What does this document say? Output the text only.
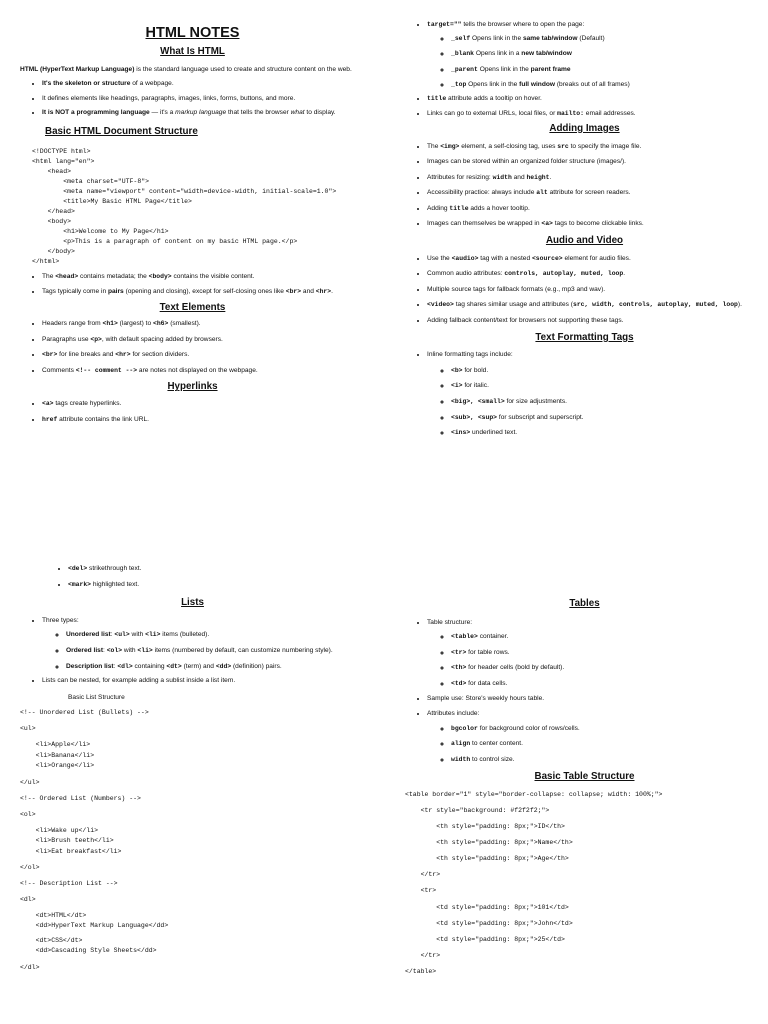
HTML NOTES
What Is HTML

HTML (HyperText Markup Language) is the standard language used to create and structure content on the web.

• It's the skeleton or structure of a webpage.
• It defines elements like headings, paragraphs, images, links, forms, buttons, and more.
• It is NOT a programming language — it's a markup language that tells the browser what to display.
Basic HTML Document Structure
<!DOCTYPE html>
<html lang="en">
<head>
<meta charset="UTF-8">
<meta name="viewport" content="width=device-width, initial-scale=1.0">
<title>My Basic HTML Page</title>
</head>
<body>
<h1>Welcome to My Page</h1>
<p>This is a paragraph of content on my basic HTML page.</p>
</body>
</html>
• The <head> contains metadata; the <body> contains the visible content.
• Tags typically come in pairs (opening and closing), except for self-closing ones like <br> and <hr>.
Text Elements
• Headers range from <h1> (largest) to <h6> (smallest).
• Paragraphs use <p>, with default spacing added by browsers.
• <br> for line breaks and <hr> for section dividers.
• Comments <!-- comment --> are notes not displayed on the webpage.
Hyperlinks
• <a> tags create hyperlinks.
• href attribute contains the link URL.
• target="" tells the browser where to open the page:
◦ _self Opens link in the same tab/window (Default)
◦ _blank Opens link in a new tab/window
◦ _parent Opens link in the parent frame
◦ _top Opens link in the full window (breaks out of all frames)
• title attribute adds a tooltip on hover.
• Links can go to external URLs, local files, or mailto: email addresses.
Adding Images
• The <img> element, a self-closing tag, uses src to specify the image file.
• Images can be stored within an organized folder structure (images/).
• Attributes for resizing: width and height.
• Accessibility practice: always include alt attribute for screen readers.
• Adding title adds a hover tooltip.
• Images can themselves be wrapped in <a> tags to become clickable links.
Audio and Video
• Use the <audio> tag with a nested <source> element for audio files.
• Common audio attributes: controls, autoplay, muted, loop.
• Multiple source tags for fallback formats (e.g., mp3 and wav).
• <video> tag shares similar usage and attributes (src, width, controls, autoplay, muted, loop).
• Adding fallback content/text for browsers not supporting these tags.
Text Formatting Tags
• Inline formatting tags include:
◦ <b> for bold.
◦ <i> for italic.
◦ <big>, <small> for size adjustments.
◦ <sub>, <sup> for subscript and superscript.
◦ <ins> underlined text.
• <del> strikethrough text.
• <mark> highlighted text.
Lists
• Three types:
◦ Unordered list: <ul> with <li> items (bulleted).
◦ Ordered list: <ol> with <li> items (numbered by default, can customize numbering style).
◦ Description list: <dl> containing <dt> (term) and <dd> (definition) pairs.
• Lists can be nested, for example adding a sublist inside a list item.

Basic List Structure

<!-- Unordered List (Bullets) -->
<ul>
<li>Apple</li>
<li>Banana</li>
<li>Orange</li>
</ul>
<!-- Ordered List (Numbers) -->
<ol>
<li>Wake up</li>
<li>Brush teeth</li>
<li>Eat breakfast</li>
</ol>
<!-- Description List -->
<dl>
<dt>HTML</dt>
<dd>HyperText Markup Language</dd>
<dt>CSS</dt>
<dd>Cascading Style Sheets</dd>
</dl>
Tables
• Table structure:
◦ <table> container.
◦ <tr> for table rows.
◦ <th> for header cells (bold by default).
◦ <td> for data cells.
• Sample use: Store's weekly hours table.
• Attributes include:
◦ bgcolor for background color of rows/cells.
◦ align to center content.
◦ width to control size.
Basic Table Structure
<table border="1" style="border-collapse: collapse; width: 100%;">
<tr style="background: #f2f2f2;">
<th style="padding: 8px;">ID</th>
<th style="padding: 8px;">Name</th>
<th style="padding: 8px;">Age</th>
</tr>
<tr>
<td style="padding: 8px;">101</td>
<td style="padding: 8px;">John</td>
<td style="padding: 8px;">25</td>
</tr>
</table>
